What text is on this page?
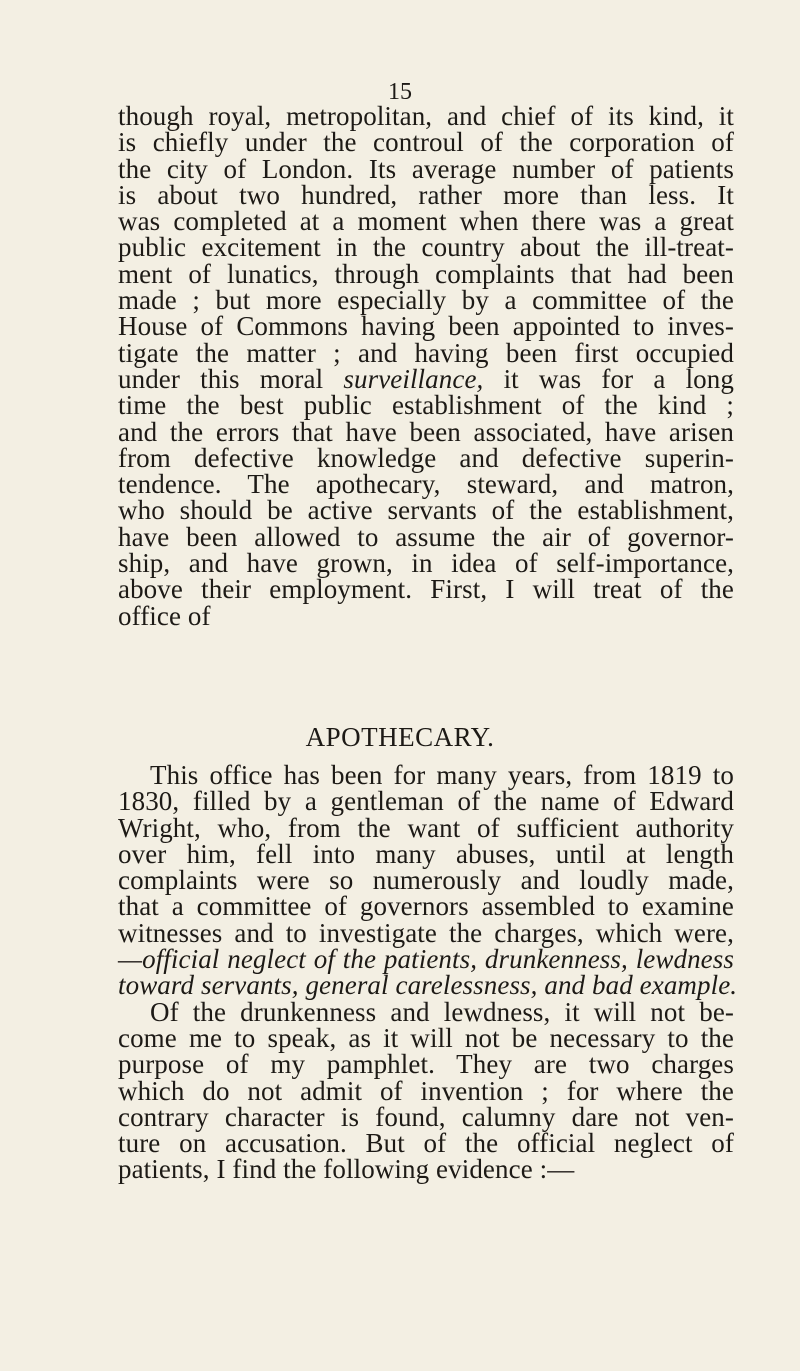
15
though royal, metropolitan, and chief of its kind, it
is chiefly under the controul of the corporation of
the city of London. Its average number of patients
is about two hundred, rather more than less. It
was completed at a moment when there was a great
public excitement in the country about the ill-treat-
ment of lunatics, through complaints that had been
made ; but more especially by a committee of the
House of Commons having been appointed to inves-
tigate the matter ; and having been first occupied
under this moral surveillance, it was for a long
time the best public establishment of the kind ;
and the errors that have been associated, have arisen
from defective knowledge and defective superin-
tendence. The apothecary, steward, and matron,
who should be active servants of the establishment,
have been allowed to assume the air of governor-
ship, and have grown, in idea of self-importance,
above their employment. First, I will treat of the
office of
APOTHECARY.
This office has been for many years, from 1819 to
1830, filled by a gentleman of the name of Edward
Wright, who, from the want of sufficient authority
over him, fell into many abuses, until at length
complaints were so numerously and loudly made,
that a committee of governors assembled to examine
witnesses and to investigate the charges, which were,
—official neglect of the patients, drunkenness, lewdness
toward servants, general carelessness, and bad example.
Of the drunkenness and lewdness, it will not be-
come me to speak, as it will not be necessary to the
purpose of my pamphlet. They are two charges
which do not admit of invention ; for where the
contrary character is found, calumny dare not ven-
ture on accusation. But of the official neglect of
patients, I find the following evidence :—
